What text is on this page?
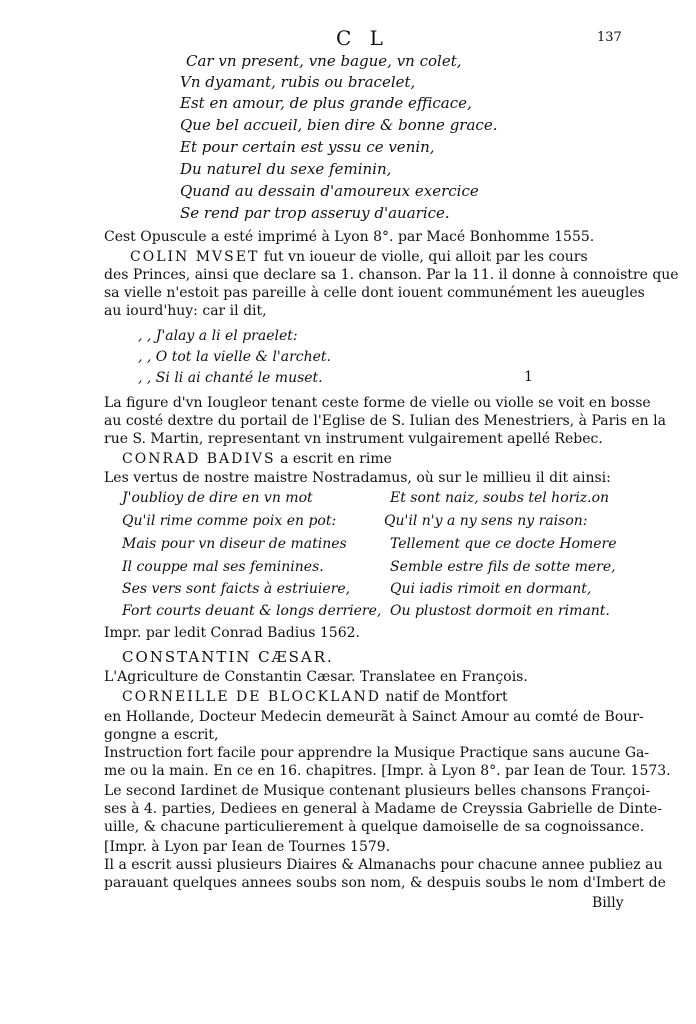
C L	137
Car vn present, vne bague, vn colet,
Vn dyamant, rubis ou bracelet,
Est en amour, de plus grande efficace,
Que bel accueil, bien dire & bonne grace.
Et pour certain est yssu ce venin,
Du naturel du sexe feminin,
Quand au dessain d'amoureux exercice
Se rend par trop asseruy d'auarice.
Cest Opuscule a esté imprimé à Lyon 8°. par Macé Bonhomme 1555.
COLIN MVSET fut vn ioueur de violle, qui alloit par les cours
des Princes, ainsi que declare sa 1. chanson. Par la 11. il donne à connoistre que
sa vielle n'estoit pas pareille à celle dont iouent communément les aueugles
au iourd'huy: car il dit,
, , J'alay a li el praelet:
, , O tot la vielle & l'archet.
, , Si li ai chanté le muset.	1
La figure d'vn Iougleor tenant ceste forme de vielle ou violle se voit en bosse
au costé dextre du portail de l'Eglise de S. Iulian des Menestriers, à Paris en la
rue S. Martin, representant vn instrument vulgairement apellé Rebec.
CONRAD BADIVS a escrit en rime
Les vertus de nostre maistre Nostradamus, où sur le millieu il dit ainsi:
J'oublioy de dire en vn mot
Qu'il rime comme poix en pot:
Mais pour vn diseur de matines
Il couppe mal ses feminines.
Ses vers sont faicts à estriuiere,
Fort courts deuant & longs derriere,
Et sont naiz, soubs tel horiz.on
Qu'il n'y a ny sens ny raison:
Tellement que ce docte Homere
Semble estre fils de sotte mere,
Qui iadis rimoit en dormant,
Ou plustost dormoit en rimant.
Impr. par ledit Conrad Badius 1562.
CONSTANTIN CÆSAR.
L'Agriculture de Constantin Cæsar. Translatee en François.
CORNEILLE DE BLOCKLAND natif de Montfort
en Hollande, Docteur Medecin demeurãt à Sainct Amour au comté de Bour-
gongne a escrit,
Instruction fort facile pour apprendre la Musique Practique sans aucune Ga-
me ou la main. En ce en 16. chapitres. [Impr. à Lyon 8°. par Iean de Tour. 1573.
Le second Iardinet de Musique contenant plusieurs belles chansons Françoi-
ses à 4. parties, Dediees en general à Madame de Creyssia Gabrielle de Dinte-
uille, & chacune particulierement à quelque damoiselle de sa cognoissance.
[Impr. à Lyon par Iean de Tournes 1579.
Il a escrit aussi plusieurs Diaires & Almanachs pour chacune annee publiez au
parauant quelques annees soubs son nom, & despuis soubs le nom d'Imbert de
Billy
